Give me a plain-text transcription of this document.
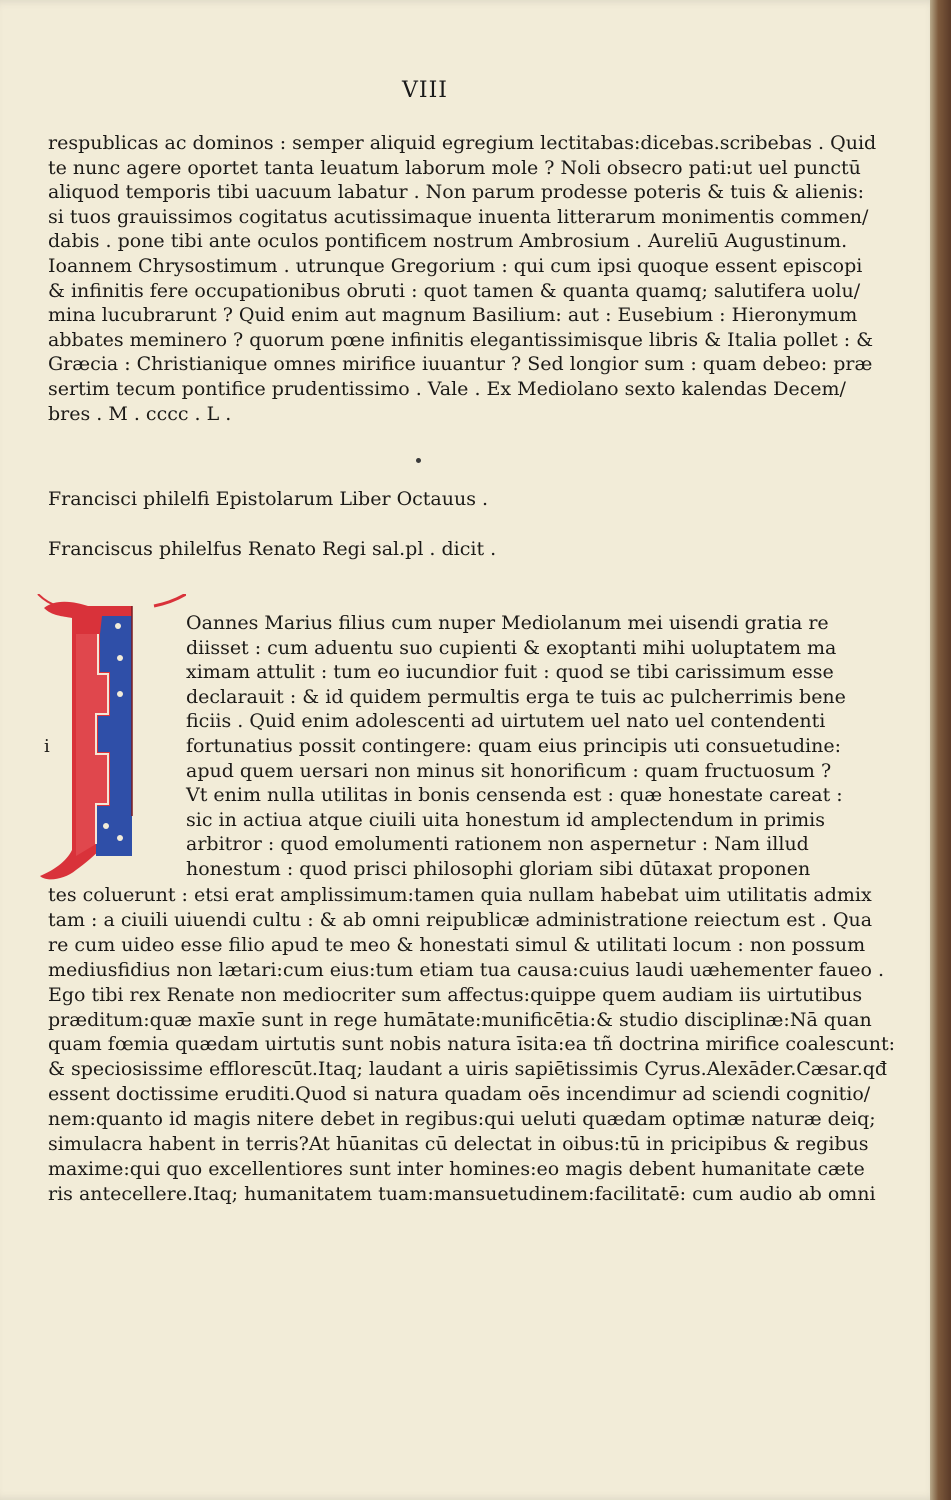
VIII
respublicas ac dominos : semper aliquid egregium lectitabas:dicebas.scribebas . Quid
te nunc agere oportet tanta leuatum laborum mole ? Noli obsecro pati:ut uel punctū
aliquod temporis tibi uacuum labatur . Non parum prodesse poteris & tuis & alienis:
si tuos grauissimos cogitatus acutissimaque inuenta litterarum monimentis commen/
dabis . pone tibi ante oculos pontificem nostrum Ambrosium . Aureliū Augustinum.
Ioannem Chrysostimum . utrunque Gregorium : qui cum ipsi quoque essent episcopi
& infinitis fere occupationibus obruti : quot tamen & quanta quamq; salutifera uolu/
mina lucubrarunt ? Quid enim aut magnum Basilium: aut : Eusebium : Hieronymum
abbates meminero ? quorum pœne infinitis elegantissimisque libris & Italia pollet : &
Græcia : Christianique omnes mirifice iuuantur ? Sed longior sum : quam debeo: præ
sertim tecum pontifice prudentissimo . Vale . Ex Mediolano sexto kalendas Decem/
bres . M . cccc . L .
Francisci philelfi Epistolarum Liber Octauus .
Franciscus philelfus Renato Regi sal.pl . dicit .
i
Oannes Marius filius cum nuper Mediolanum mei uisendi gratia re
diisset : cum aduentu suo cupienti & exoptanti mihi uoluptatem ma
ximam attulit : tum eo iucundior fuit : quod se tibi carissimum esse
declarauit : & id quidem permultis erga te tuis ac pulcherrimis bene
ficiis . Quid enim adolescenti ad uirtutem uel nato uel contendenti
fortunatius possit contingere: quam eius principis uti consuetudine:
apud quem uersari non minus sit honorificum : quam fructuosum ?
Vt enim nulla utilitas in bonis censenda est : quæ honestate careat :
sic in actiua atque ciuili uita honestum id amplectendum in primis
arbitror : quod emolumenti rationem non aspernetur : Nam illud
honestum : quod prisci philosophi gloriam sibi dūtaxat proponen
tes coluerunt : etsi erat amplissimum:tamen quia nullam habebat uim utilitatis admix
tam : a ciuili uiuendi cultu : & ab omni reipublicæ administratione reiectum est . Qua
re cum uideo esse filio apud te meo & honestati simul & utilitati locum : non possum
mediusfidius non lætari:cum eius:tum etiam tua causa:cuius laudi uæhementer faueo .
Ego tibi rex Renate non mediocriter sum affectus:quippe quem audiam iis uirtutibus
præditum:quæ maxīe sunt in rege humātate:munificētia:& studio disciplinæ:Nā quan
quam fœmia quædam uirtutis sunt nobis natura īsita:ea tñ doctrina mirifice coalescunt:
& speciosissime efflorescūt.Itaq; laudant a uiris sapiētissimis Cyrus.Alexāder.Cæsar.qđ
essent doctissime eruditi.Quod si natura quadam oēs incendimur ad sciendi cognitio/
nem:quanto id magis nitere debet in regibus:qui ueluti quædam optimæ naturæ deiq;
simulacra habent in terris?At hūanitas cū delectat in oibus:tū in pricipibus & regibus
maxime:qui quo excellentiores sunt inter homines:eo magis debent humanitate cæte
ris antecellere.Itaq; humanitatem tuam:mansuetudinem:facilitatē: cum audio ab omni
